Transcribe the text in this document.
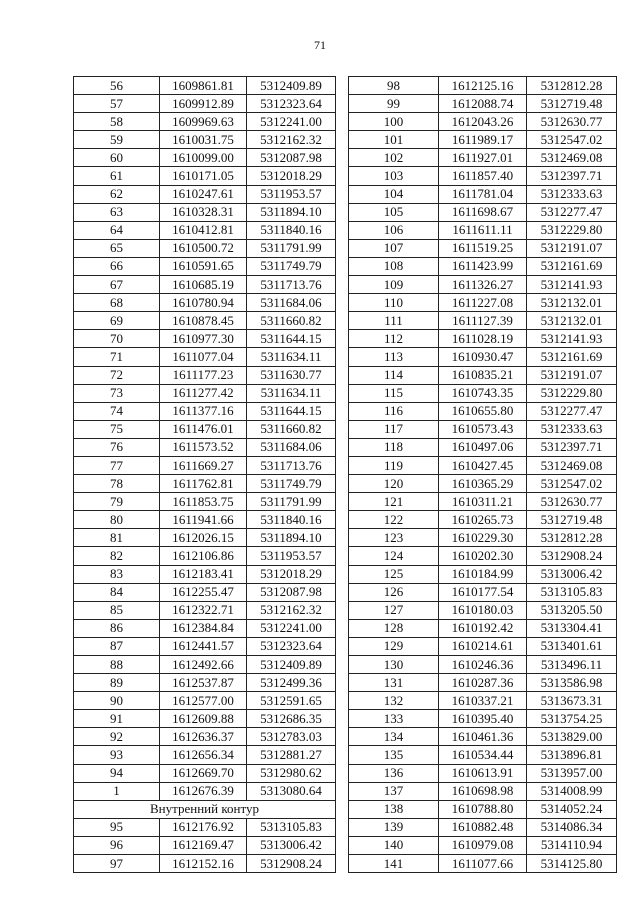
71
56	1609861.81	5312409.89
57	1609912.89	5312323.64
58	1609969.63	5312241.00
59	1610031.75	5312162.32
60	1610099.00	5312087.98
61	1610171.05	5312018.29
62	1610247.61	5311953.57
63	1610328.31	5311894.10
64	1610412.81	5311840.16
65	1610500.72	5311791.99
66	1610591.65	5311749.79
67	1610685.19	5311713.76
68	1610780.94	5311684.06
69	1610878.45	5311660.82
70	1610977.30	5311644.15
71	1611077.04	5311634.11
72	1611177.23	5311630.77
73	1611277.42	5311634.11
74	1611377.16	5311644.15
75	1611476.01	5311660.82
76	1611573.52	5311684.06
77	1611669.27	5311713.76
78	1611762.81	5311749.79
79	1611853.75	5311791.99
80	1611941.66	5311840.16
81	1612026.15	5311894.10
82	1612106.86	5311953.57
83	1612183.41	5312018.29
84	1612255.47	5312087.98
85	1612322.71	5312162.32
86	1612384.84	5312241.00
87	1612441.57	5312323.64
88	1612492.66	5312409.89
89	1612537.87	5312499.36
90	1612577.00	5312591.65
91	1612609.88	5312686.35
92	1612636.37	5312783.03
93	1612656.34	5312881.27
94	1612669.70	5312980.62
1	1612676.39	5313080.64
Внутренний контур		
95	1612176.92	5313105.83
96	1612169.47	5313006.42
97	1612152.16	5312908.24
98	1612125.16	5312812.28
99	1612088.74	5312719.48
100	1612043.26	5312630.77
101	1611989.17	5312547.02
102	1611927.01	5312469.08
103	1611857.40	5312397.71
104	1611781.04	5312333.63
105	1611698.67	5312277.47
106	1611611.11	5312229.80
107	1611519.25	5312191.07
108	1611423.99	5312161.69
109	1611326.27	5312141.93
110	1611227.08	5312132.01
111	1611127.39	5312132.01
112	1611028.19	5312141.93
113	1610930.47	5312161.69
114	1610835.21	5312191.07
115	1610743.35	5312229.80
116	1610655.80	5312277.47
117	1610573.43	5312333.63
118	1610497.06	5312397.71
119	1610427.45	5312469.08
120	1610365.29	5312547.02
121	1610311.21	5312630.77
122	1610265.73	5312719.48
123	1610229.30	5312812.28
124	1610202.30	5312908.24
125	1610184.99	5313006.42
126	1610177.54	5313105.83
127	1610180.03	5313205.50
128	1610192.42	5313304.41
129	1610214.61	5313401.61
130	1610246.36	5313496.11
131	1610287.36	5313586.98
132	1610337.21	5313673.31
133	1610395.40	5313754.25
134	1610461.36	5313829.00
135	1610534.44	5313896.81
136	1610613.91	5313957.00
137	1610698.98	5314008.99
138	1610788.80	5314052.24
139	1610882.48	5314086.34
140	1610979.08	5314110.94
141	1611077.66	5314125.80
